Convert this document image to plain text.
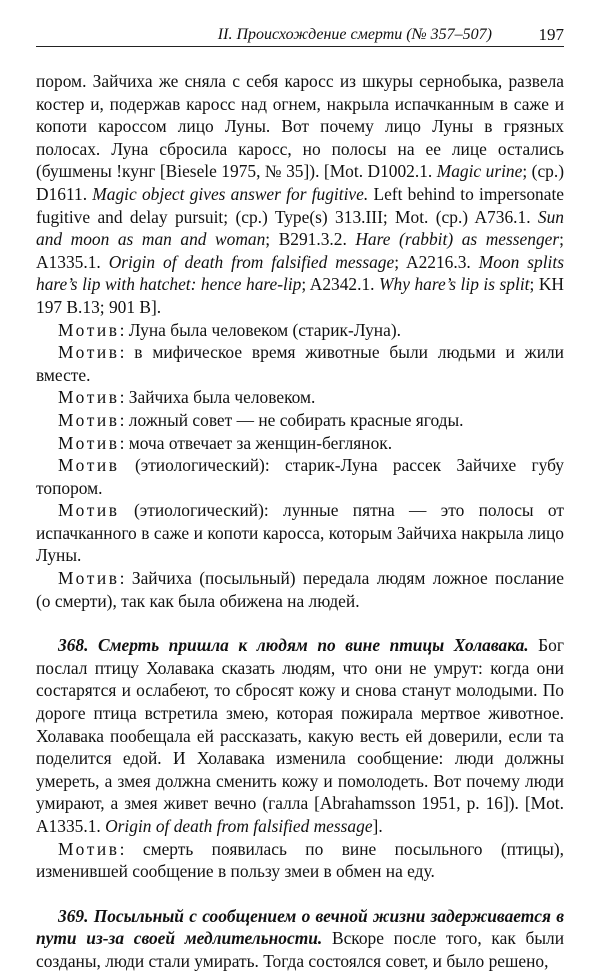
II. Происхождение смерти (№ 357–507)	197

пором. Зайчиха же сняла с себя каросс из шкуры сернобыка, развела костер и, подержав каросс над огнем, накрыла испачканным в саже и копоти кароссом лицо Луны. Вот почему лицо Луны в грязных полосах. Луна сбросила каросс, но полосы на ее лице остались (бушмены !кунг [Biesele 1975, № 35]). [Mot. D1002.1. Magic urine; (ср.) D1611. Magic object gives answer for fugitive. Left behind to impersonate fugitive and delay pursuit; (ср.) Type(s) 313.III; Mot. (ср.) A736.1. Sun and moon as man and woman; B291.3.2. Hare (rabbit) as messenger; A1335.1. Origin of death from falsified message; A2216.3. Moon splits hare’s lip with hatchet: hence hare-lip; A2342.1. Why hare’s lip is split; KH 197 B.13; 901 B].

Мотив: Луна была человеком (старик-Луна).

Мотив: в мифическое время животные были людьми и жили вместе.

Мотив: Зайчиха была человеком.

Мотив: ложный совет — не собирать красные ягоды.

Мотив: моча отвечает за женщин-беглянок.

Мотив (этиологический): старик-Луна рассек Зайчихе губу топором.

Мотив (этиологический): лунные пятна — это полосы от испачканного в саже и копоти каросса, которым Зайчиха накрыла лицо Луны.

Мотив: Зайчиха (посыльный) передала людям ложное послание (о смерти), так как была обижена на людей.

368. Смерть пришла к людям по вине птицы Холавака. Бог послал птицу Холавака сказать людям, что они не умрут: когда они состарятся и ослабеют, то сбросят кожу и снова станут молодыми. По дороге птица встретила змею, которая пожирала мертвое животное. Холавака пообещала ей рассказать, какую весть ей доверили, если та поделится едой. И Холавака изменила сообщение: люди должны умереть, а змея должна сменить кожу и помолодеть. Вот почему люди умирают, а змея живет вечно (галла [Abrahamsson 1951, p. 16]). [Mot. A1335.1. Origin of death from falsified message].

Мотив: смерть появилась по вине посыльного (птицы), изменившей сообщение в пользу змеи в обмен на еду.

369. Посыльный с сообщением о вечной жизни задерживается в пути из-за своей медлительности. Вскоре после того, как были созданы, люди стали умирать. Тогда состоялся совет, и было решено,
